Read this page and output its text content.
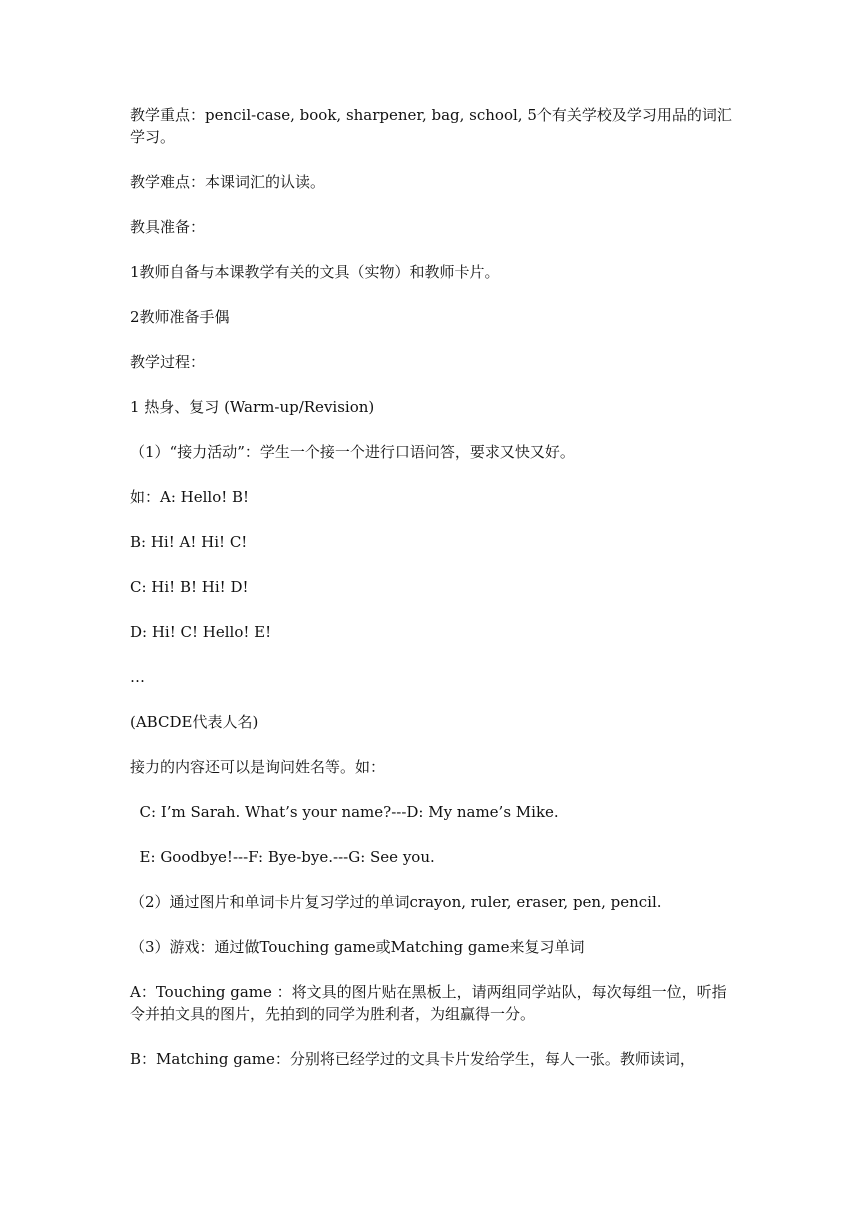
教学重点：pencil-case, book, sharpener, bag, school, 5个有关学校及学习用品的词汇学习。

教学难点：本课词汇的认读。

教具准备：

1教师自备与本课教学有关的文具（实物）和教师卡片。

2教师准备手偶

教学过程：

1 热身、复习 (Warm-up/Revision)

（1）“接力活动”：学生一个接一个进行口语问答，要求又快又好。

如：A: Hello! B!

B: Hi! A! Hi! C!

C: Hi! B! Hi! D!

D: Hi! C! Hello! E!

…

(ABCDE代表人名)

接力的内容还可以是询问姓名等。如：

C: I’m Sarah. What’s your name?---D: My name’s Mike.

E: Goodbye!---F: Bye-bye.---G: See you.

（2）通过图片和单词卡片复习学过的单词crayon, ruler, eraser, pen, pencil.

（3）游戏：通过做Touching game或Matching game来复习单词

A：Touching game ：将文具的图片贴在黑板上，请两组同学站队，每次每组一位，听指令并拍文具的图片，先拍到的同学为胜利者，为组赢得一分。

B：Matching game：分别将已经学过的文具卡片发给学生，每人一张。教师读词，
